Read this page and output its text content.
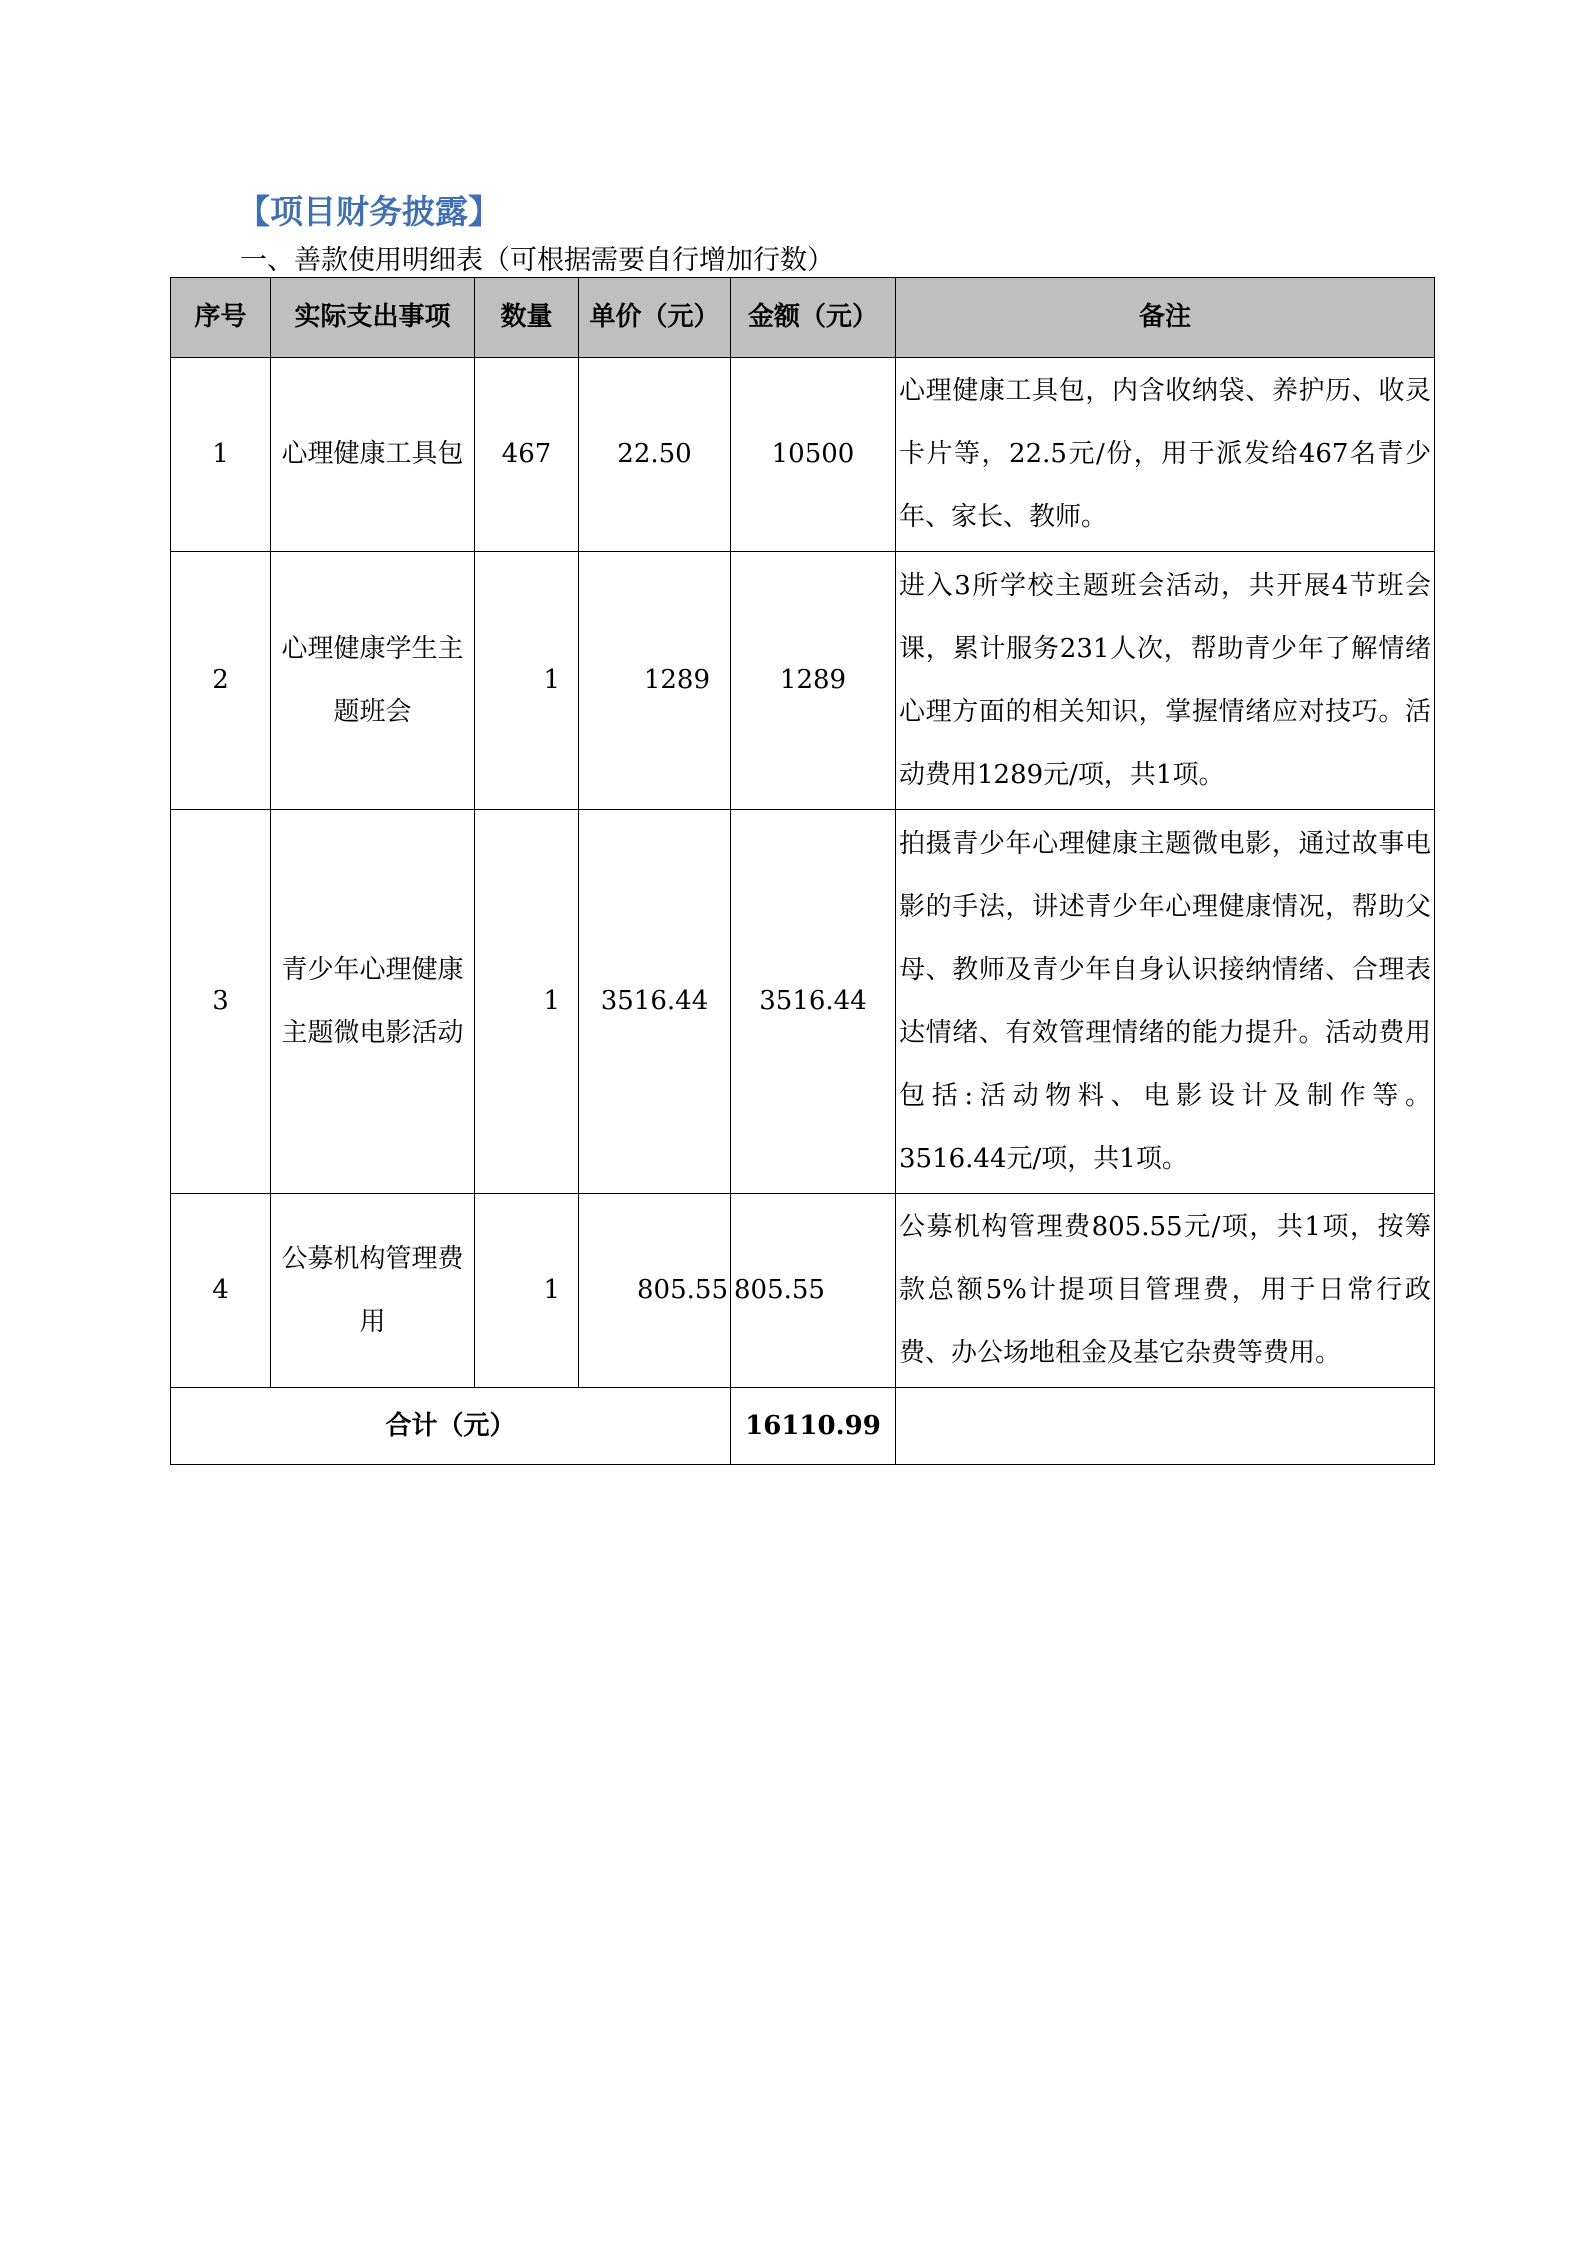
【项目财务披露】
一、善款使用明细表（可根据需要自行增加行数）
序号	实际支出事项	数量	单价（元）	金额（元）	备注
1	心理健康工具包	467	22.50	10500	心理健康工具包，内含收纳袋、养护历、收灵卡片等，22.5元/份，用于派发给467名青少年、家长、教师。
2	心理健康学生主题班会	1	1289	1289	进入3所学校主题班会活动，共开展4节班会课，累计服务231人次，帮助青少年了解情绪心理方面的相关知识，掌握情绪应对技巧。活动费用1289元/项，共1项。
3	青少年心理健康主题微电影活动	1	3516.44	3516.44	拍摄青少年心理健康主题微电影，通过故事电影的手法，讲述青少年心理健康情况，帮助父母、教师及青少年自身认识接纳情绪、合理表达情绪、有效管理情绪的能力提升。活动费用包括:活动物料、电影设计及制作等。3516.44元/项，共1项。
4	公募机构管理费用	1	805.55	805.55	公募机构管理费805.55元/项，共1项，按筹款总额5%计提项目管理费，用于日常行政费、办公场地租金及基它杂费等费用。
合计（元）				16110.99	
